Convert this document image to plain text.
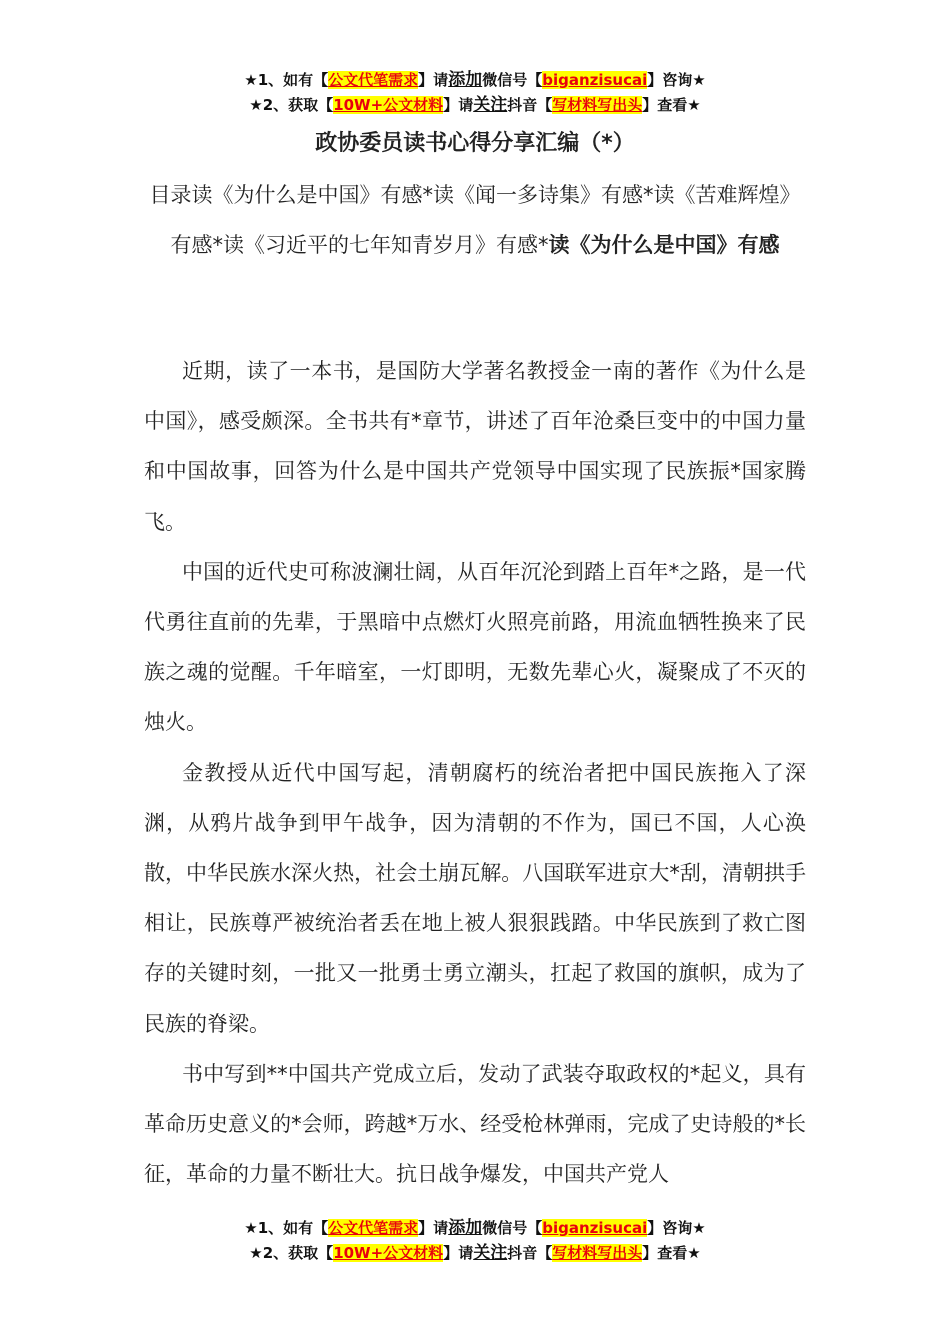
★1、如有【公文代笔需求】请添加微信号【biganzisucai】咨询★
★2、获取【10W+公文材料】请关注抖音【写材料写出头】查看★
政协委员读书心得分享汇编（*）
目录读《为什么是中国》有感*读《闻一多诗集》有感*读《苦难辉煌》有感*读《习近平的七年知青岁月》有感*读《为什么是中国》有感

近期，读了一本书，是国防大学著名教授金一南的著作《为什么是中国》，感受颇深。全书共有*章节，讲述了百年沧桑巨变中的中国力量和中国故事，回答为什么是中国共产党领导中国实现了民族振*国家腾飞。

中国的近代史可称波澜壮阔，从百年沉沦到踏上百年*之路，是一代代勇往直前的先辈，于黑暗中点燃灯火照亮前路，用流血牺牲换来了民族之魂的觉醒。千年暗室，一灯即明，无数先辈心火，凝聚成了不灭的烛火。

金教授从近代中国写起，清朝腐朽的统治者把中国民族拖入了深渊，从鸦片战争到甲午战争，因为清朝的不作为，国已不国，人心涣散，中华民族水深火热，社会土崩瓦解。八国联军进京大*刮，清朝拱手相让，民族尊严被统治者丢在地上被人狠狠践踏。中华民族到了救亡图存的关键时刻，一批又一批勇士勇立潮头，扛起了救国的旗帜，成为了民族的脊梁。

书中写到**中国共产党成立后，发动了武装夺取政权的*起义，具有革命历史意义的*会师，跨越*万水、经受枪林弹雨，完成了史诗般的*长征，革命的力量不断壮大。抗日战争爆发，中国共产党人

★1、如有【公文代笔需求】请添加微信号【biganzisucai】咨询★
★2、获取【10W+公文材料】请关注抖音【写材料写出头】查看★
